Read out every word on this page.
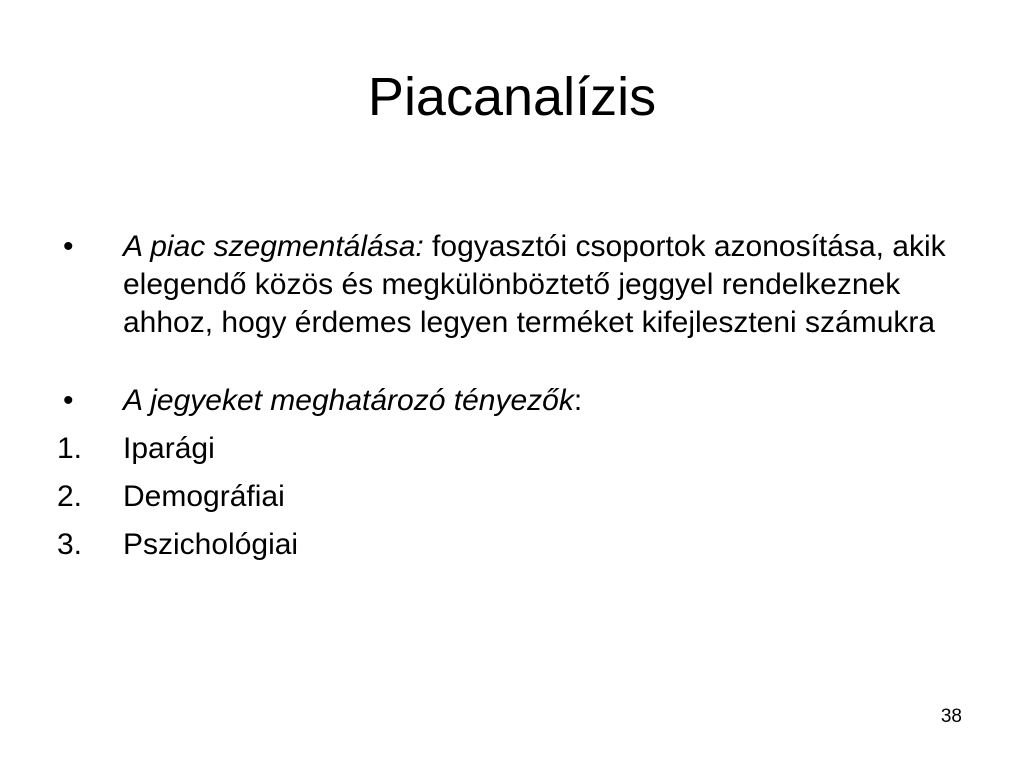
Piacanalízis
•	A piac szegmentálása: fogyasztói csoportok azonosítása, akik elegendő közös és megkülönböztető jeggyel rendelkeznek ahhoz, hogy érdemes legyen terméket kifejleszteni számukra
•	A jegyeket meghatározó tényezők:
1.	Iparági
2.	Demográfiai
3.	Pszichológiai
38
